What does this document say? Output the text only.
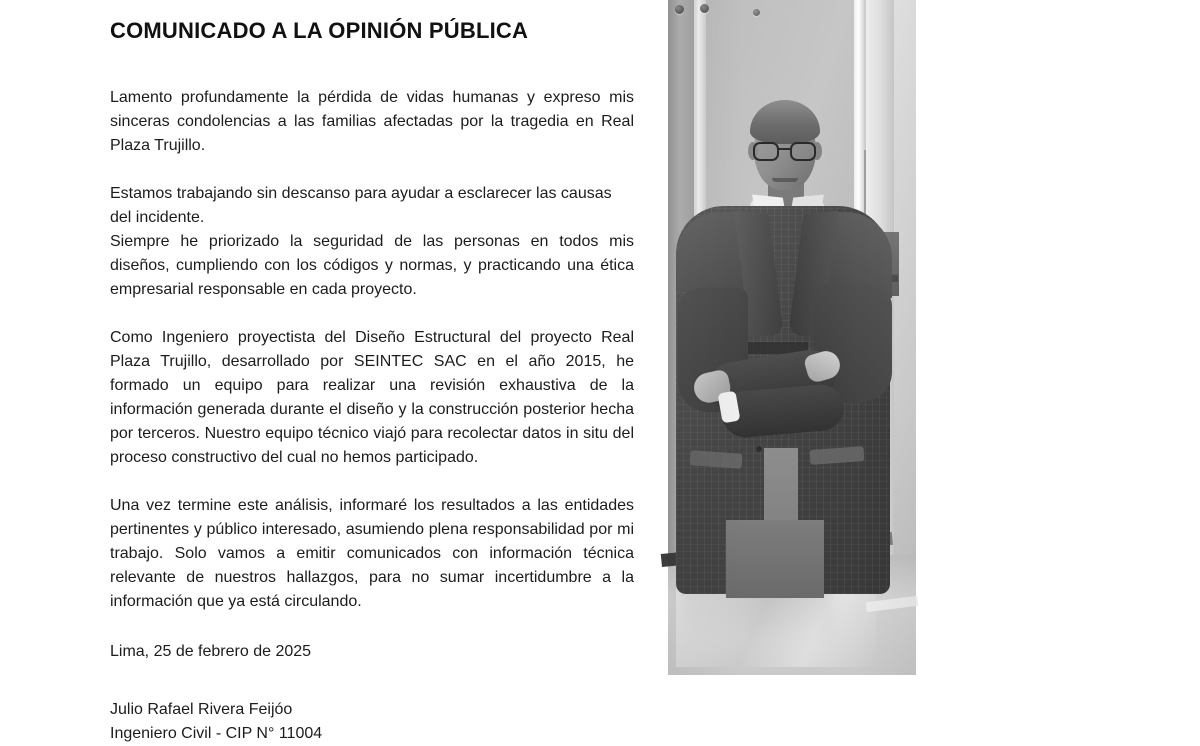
COMUNICADO A LA OPINIÓN PÚBLICA

Lamento profundamente la pérdida de vidas humanas y expreso mis sinceras condolencias a las familias afectadas por la tragedia en Real Plaza Trujillo.

Estamos trabajando sin descanso para ayudar a esclarecer las causas del incidente.
Siempre he priorizado la seguridad de las personas en todos mis diseños, cumpliendo con los códigos y normas, y practicando una ética empresarial responsable en cada proyecto.

Como Ingeniero proyectista del Diseño Estructural del proyecto Real Plaza Trujillo, desarrollado por SEINTEC SAC en el año 2015, he formado un equipo para realizar una revisión exhaustiva de la información generada durante el diseño y la construcción posterior hecha por terceros. Nuestro equipo técnico viajó para recolectar datos in situ del proceso constructivo del cual no hemos participado.

Una vez termine este análisis, informaré los resultados a las entidades pertinentes y público interesado, asumiendo plena responsabilidad por mi trabajo. Solo vamos a emitir comunicados con información técnica relevante de nuestros hallazgos, para no sumar incertidumbre a la información que ya está circulando.

Lima, 25 de febrero de 2025

Julio Rafael Rivera Feijóo
Ingeniero Civil - CIP N° 11004
